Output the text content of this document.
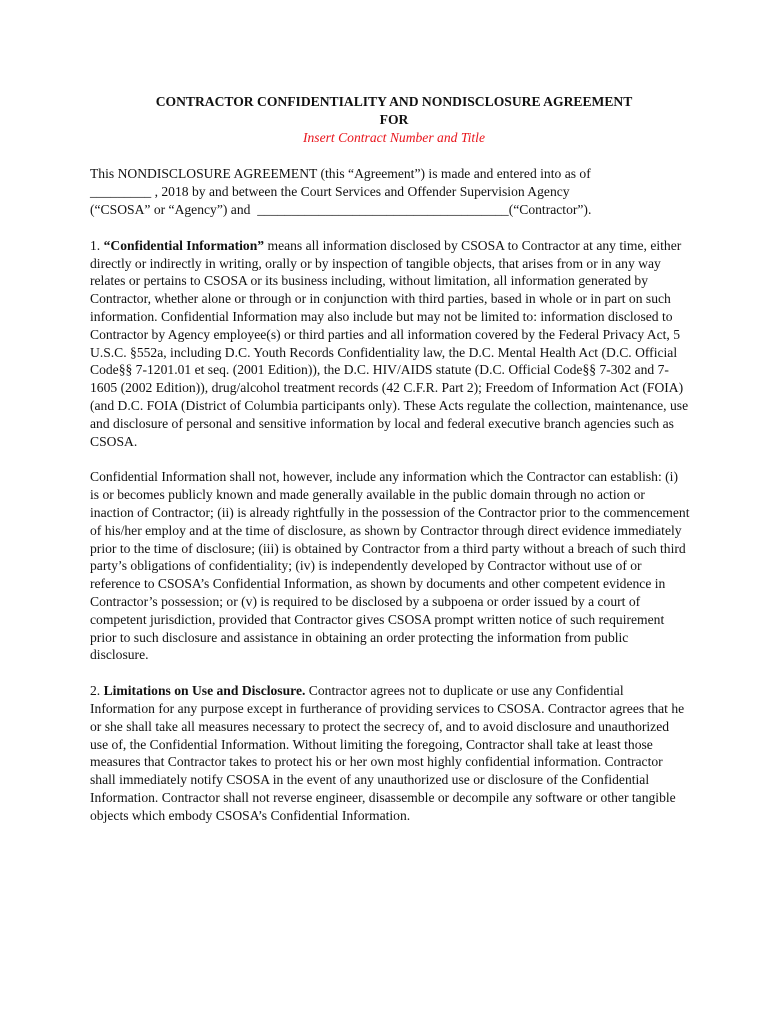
CONTRACTOR CONFIDENTIALITY AND NONDISCLOSURE AGREEMENT
FOR
Insert Contract Number and Title
This NONDISCLOSURE AGREEMENT (this “Agreement”) is made and entered into as of
_________ , 2018 by and between the Court Services and Offender Supervision Agency
(“CSOSA” or “Agency”) and  _____________________________________(“Contractor”).

1. “Confidential Information” means all information disclosed by CSOSA to Contractor at any time, either directly or indirectly in writing, orally or by inspection of tangible objects, that arises from or in any way relates or pertains to CSOSA or its business including, without limitation, all information generated by Contractor, whether alone or through or in conjunction with third parties, based in whole or in part on such information. Confidential Information may also include but may not be limited to: information disclosed to Contractor by Agency employee(s) or third parties and all information covered by the Federal Privacy Act, 5 U.S.C. §552a, including D.C. Youth Records Confidentiality law, the D.C. Mental Health Act (D.C. Official Code§§ 7-1201.01 et seq. (2001 Edition)), the D.C. HIV/AIDS statute (D.C. Official Code§§ 7-302 and 7-1605 (2002 Edition)), drug/alcohol treatment records (42 C.F.R. Part 2); Freedom of Information Act (FOIA) (and D.C. FOIA (District of Columbia participants only). These Acts regulate the collection, maintenance, use and disclosure of personal and sensitive information by local and federal executive branch agencies such as CSOSA.

Confidential Information shall not, however, include any information which the Contractor can establish: (i) is or becomes publicly known and made generally available in the public domain through no action or inaction of Contractor; (ii) is already rightfully in the possession of the Contractor prior to the commencement of his/her employ and at the time of disclosure, as shown by Contractor through direct evidence immediately prior to the time of disclosure; (iii) is obtained by Contractor from a third party without a breach of such third party’s obligations of confidentiality; (iv) is independently developed by Contractor without use of or reference to CSOSA’s Confidential Information, as shown by documents and other competent evidence in Contractor’s possession; or (v) is required to be disclosed by a subpoena or order issued by a court of competent jurisdiction, provided that Contractor gives CSOSA prompt written notice of such requirement prior to such disclosure and assistance in obtaining an order protecting the information from public disclosure.

2. Limitations on Use and Disclosure. Contractor agrees not to duplicate or use any Confidential Information for any purpose except in furtherance of providing services to CSOSA. Contractor agrees that he or she shall take all measures necessary to protect the secrecy of, and to avoid disclosure and unauthorized use of, the Confidential Information. Without limiting the foregoing, Contractor shall take at least those measures that Contractor takes to protect his or her own most highly confidential information. Contractor shall immediately notify CSOSA in the event of any unauthorized use or disclosure of the Confidential Information. Contractor shall not reverse engineer, disassemble or decompile any software or other tangible objects which embody CSOSA’s Confidential Information.
